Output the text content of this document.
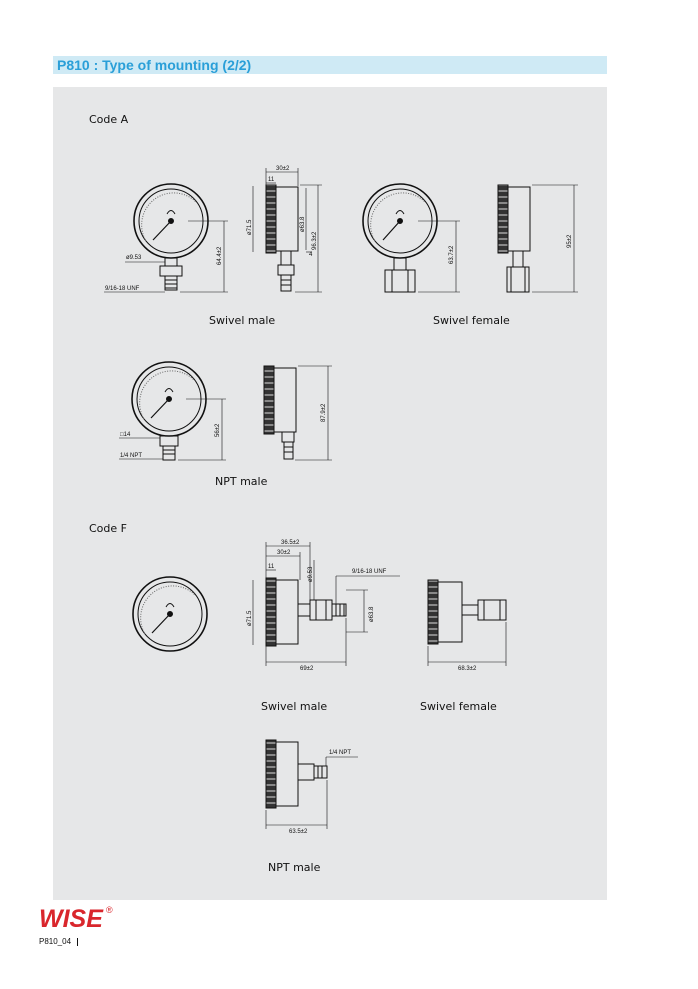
P810 : Type of mounting (2/2)
Code A
Code F
Swivel male	Swivel female
NPT male
Swivel male	Swivel female
NPT male
ø9.53
9/16-18 UNF
64.4±2
30±2
11
ø71.5	ø63.8
96.3±2
4	63.7±2
95±2
□14
1/4 NPT
56±2
87.9±2
36.5±2
30±2
11	ø9.53	9/16-18 UNF
ø71.5	ø63.8
69±2	68.3±2
1/4 NPT
63.5±2
WISE ®
P810_04
